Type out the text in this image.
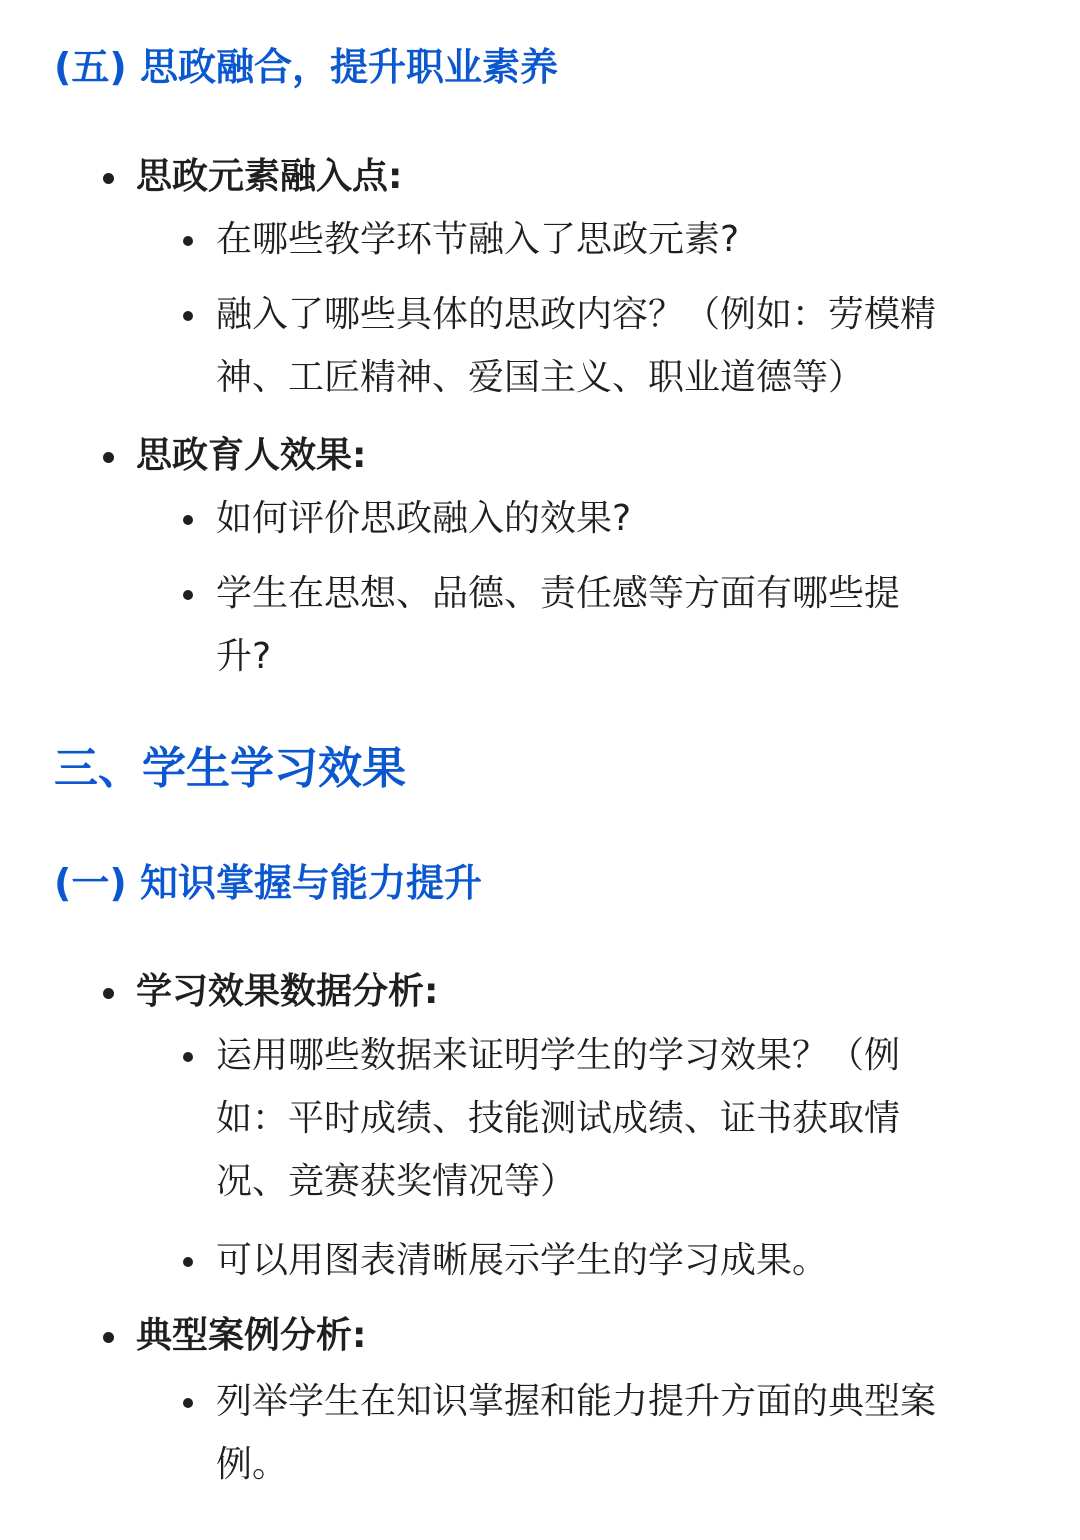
(五) 思政融合，提升职业素养
思政元素融入点:
在哪些教学环节融入了思政元素?
融入了哪些具体的思政内容？（例如：劳模精
神、工匠精神、爱国主义、职业道德等）
思政育人效果:
如何评价思政融入的效果?
学生在思想、品德、责任感等方面有哪些提
升?
三、学生学习效果
(一) 知识掌握与能力提升
学习效果数据分析:
运用哪些数据来证明学生的学习效果？（例
如：平时成绩、技能测试成绩、证书获取情
况、竞赛获奖情况等）
可以用图表清晰展示学生的学习成果。
典型案例分析:
列举学生在知识掌握和能力提升方面的典型案
例。
